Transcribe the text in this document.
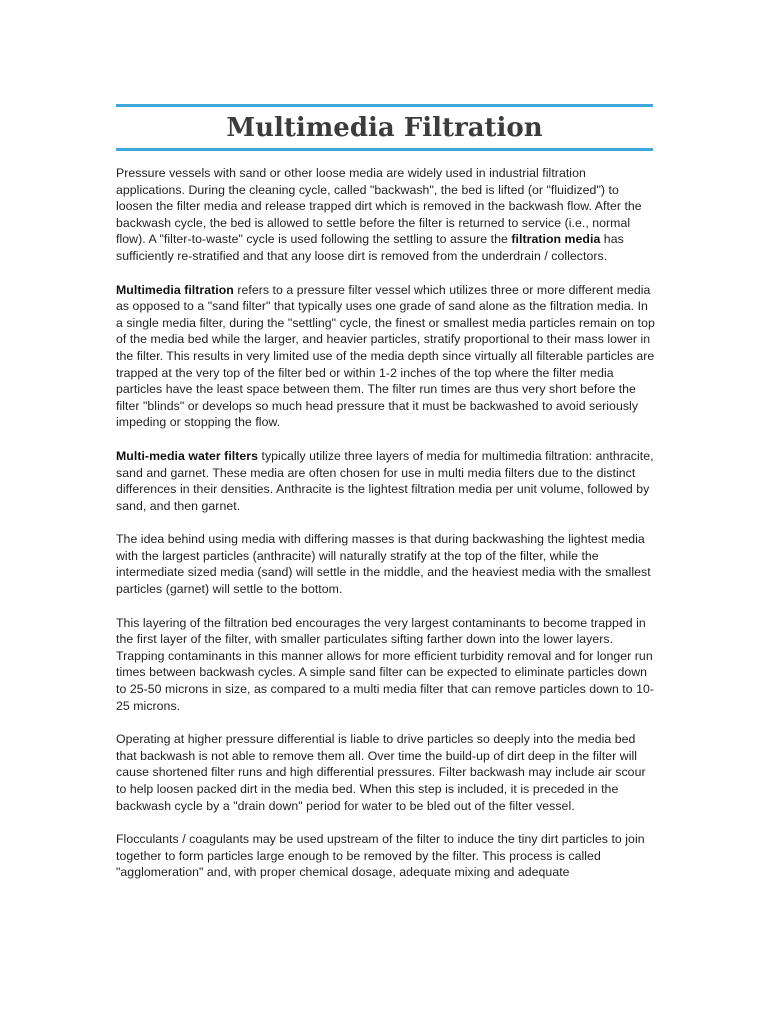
Multimedia Filtration

Pressure vessels with sand or other loose media are widely used in industrial filtration applications. During the cleaning cycle, called "backwash", the bed is lifted (or "fluidized") to loosen the filter media and release trapped dirt which is removed in the backwash flow. After the backwash cycle, the bed is allowed to settle before the filter is returned to service (i.e., normal flow). A "filter-to-waste" cycle is used following the settling to assure the filtration media has sufficiently re-stratified and that any loose dirt is removed from the underdrain / collectors.

Multimedia filtration refers to a pressure filter vessel which utilizes three or more different media as opposed to a "sand filter" that typically uses one grade of sand alone as the filtration media. In a single media filter, during the "settling" cycle, the finest or smallest media particles remain on top of the media bed while the larger, and heavier particles, stratify proportional to their mass lower in the filter. This results in very limited use of the media depth since virtually all filterable particles are trapped at the very top of the filter bed or within 1-2 inches of the top where the filter media particles have the least space between them. The filter run times are thus very short before the filter "blinds" or develops so much head pressure that it must be backwashed to avoid seriously impeding or stopping the flow.

Multi-media water filters typically utilize three layers of media for multimedia filtration: anthracite, sand and garnet. These media are often chosen for use in multi media filters due to the distinct differences in their densities. Anthracite is the lightest filtration media per unit volume, followed by sand, and then garnet.

The idea behind using media with differing masses is that during backwashing the lightest media with the largest particles (anthracite) will naturally stratify at the top of the filter, while the intermediate sized media (sand) will settle in the middle, and the heaviest media with the smallest particles (garnet) will settle to the bottom.

This layering of the filtration bed encourages the very largest contaminants to become trapped in the first layer of the filter, with smaller particulates sifting farther down into the lower layers. Trapping contaminants in this manner allows for more efficient turbidity removal and for longer run times between backwash cycles. A simple sand filter can be expected to eliminate particles down to 25-50 microns in size, as compared to a multi media filter that can remove particles down to 10-25 microns.

Operating at higher pressure differential is liable to drive particles so deeply into the media bed that backwash is not able to remove them all. Over time the build-up of dirt deep in the filter will cause shortened filter runs and high differential pressures. Filter backwash may include air scour to help loosen packed dirt in the media bed. When this step is included, it is preceded in the backwash cycle by a "drain down" period for water to be bled out of the filter vessel.

Flocculants / coagulants may be used upstream of the filter to induce the tiny dirt particles to join together to form particles large enough to be removed by the filter. This process is called "agglomeration" and, with proper chemical dosage, adequate mixing and adequate
